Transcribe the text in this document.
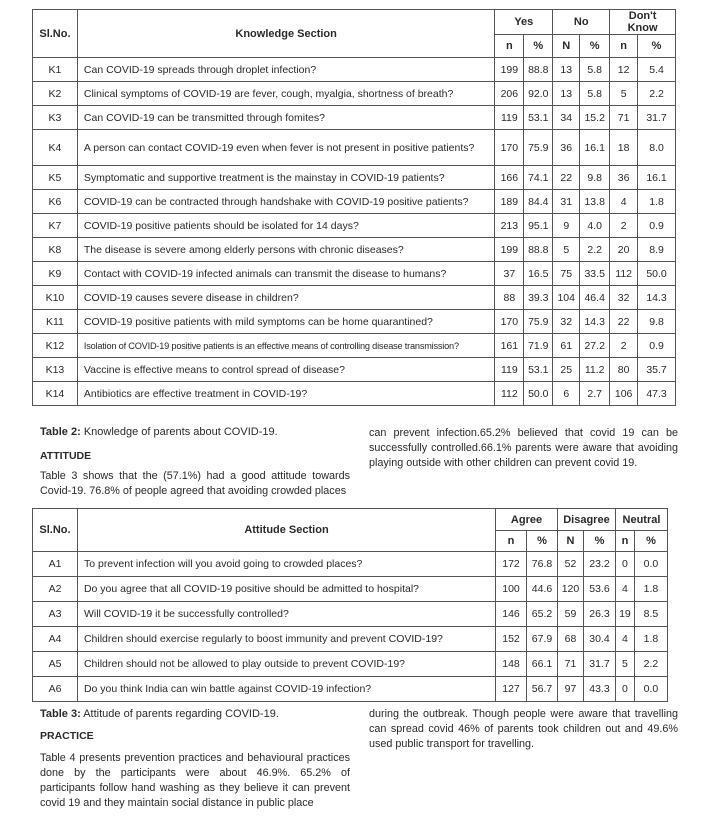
Sl.No.	Knowledge Section	Yes		No		Don't Know	
		n	%	N	%	n	%
K1	Can COVID-19 spreads through droplet infection?	199	88.8	13	5.8	12	5.4
K2	Clinical symptoms of COVID-19 are fever, cough, myalgia, shortness of breath?	206	92.0	13	5.8	5	2.2
K3	Can COVID-19 can be transmitted through fomites?	119	53.1	34	15.2	71	31.7
K4	A person can contact COVID-19 even when fever is not present in positive patients?	170	75.9	36	16.1	18	8.0
K5	Symptomatic and supportive treatment is the mainstay in COVID-19 patients?	166	74.1	22	9.8	36	16.1
K6	COVID-19 can be contracted through handshake with COVID-19 positive patients?	189	84.4	31	13.8	4	1.8
K7	COVID-19 positive patients should be isolated for 14 days?	213	95.1	9	4.0	2	0.9
K8	The disease is severe among elderly persons with chronic diseases?	199	88.8	5	2.2	20	8.9
K9	Contact with COVID-19 infected animals can transmit the disease to humans?	37	16.5	75	33.5	112	50.0
K10	COVID-19 causes severe disease in children?	88	39.3	104	46.4	32	14.3
K11	COVID-19 positive patients with mild symptoms can be home quarantined?	170	75.9	32	14.3	22	9.8
K12	Isolation of COVID-19 positive patients is an effective means of controlling disease transmission?	161	71.9	61	27.2	2	0.9
K13	Vaccine is effective means to control spread of disease?	119	53.1	25	11.2	80	35.7
K14	Antibiotics are effective treatment in COVID-19?	112	50.0	6	2.7	106	47.3
Table 2: Knowledge of parents about COVID-19.
ATTITUDE
Table 3 shows that the (57.1%) had a good attitude towards Covid-19. 76.8% of people agreed that avoiding crowded places
can prevent infection.65.2% believed that covid 19 can be successfully controlled.66.1% parents were aware that avoiding playing outside with other children can prevent covid 19.
Sl.No.	Attitude Section	Agree		Disagree		Neutral	
		n	%	N	%	n	%
A1	To prevent infection will you avoid going to crowded places?	172	76.8	52	23.2	0	0.0
A2	Do you agree that all COVID-19 positive should be admitted to hospital?	100	44.6	120	53.6	4	1.8
A3	Will COVID-19 it be successfully controlled?	146	65.2	59	26.3	19	8.5
A4	Children should exercise regularly to boost immunity and prevent COVID-19?	152	67.9	68	30.4	4	1.8
A5	Children should not be allowed to play outside to prevent COVID-19?	148	66.1	71	31.7	5	2.2
A6	Do you think India can win battle against COVID-19 infection?	127	56.7	97	43.3	0	0.0
Table 3: Attitude of parents regarding COVID-19.
PRACTICE
Table 4 presents prevention practices and behavioural practices done by the participants were about 46.9%. 65.2% of participants follow hand washing as they believe it can prevent covid 19 and they maintain social distance in public place
during the outbreak. Though people were aware that travelling can spread covid 46% of parents took children out and 49.6% used public transport for travelling.
